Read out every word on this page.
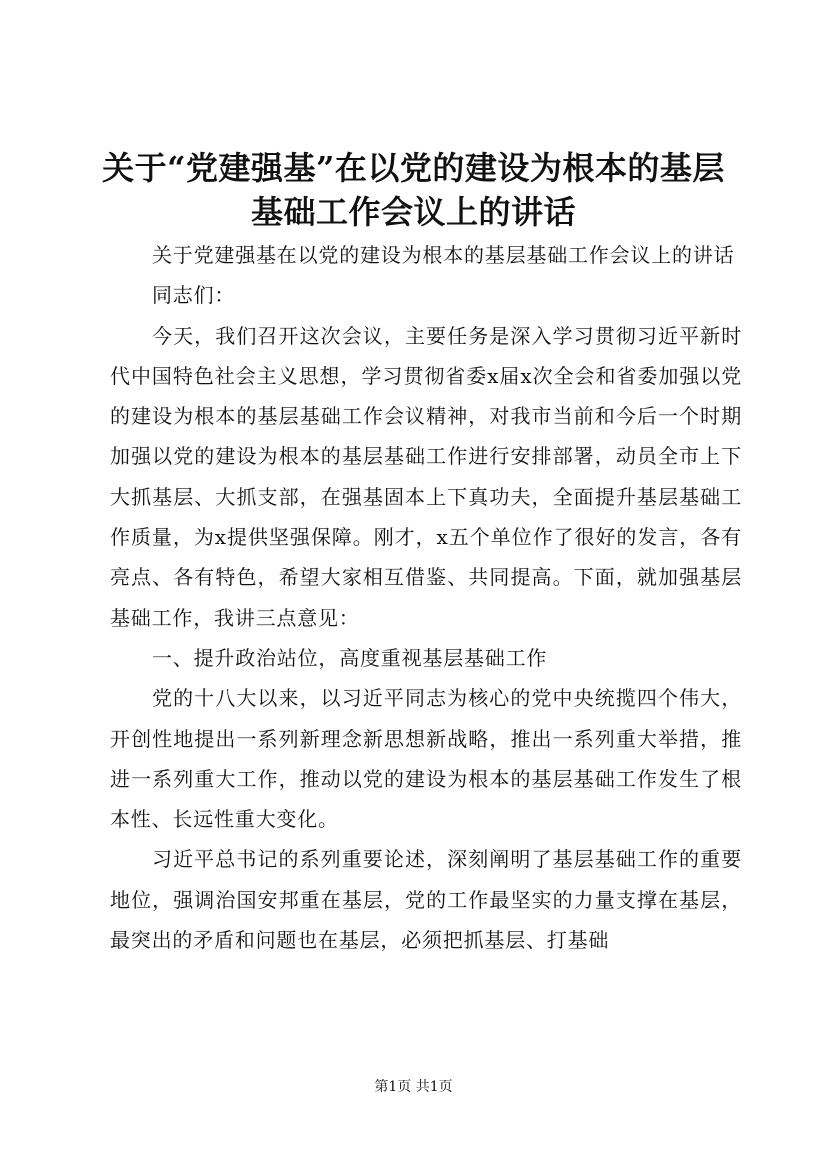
关于“党建强基”在以党的建设为根本的基层基础工作会议上的讲话

关于党建强基在以党的建设为根本的基层基础工作会议上的讲话

同志们：

今天，我们召开这次会议，主要任务是深入学习贯彻习近平新时代中国特色社会主义思想，学习贯彻省委x届x次全会和省委加强以党的建设为根本的基层基础工作会议精神，对我市当前和今后一个时期加强以党的建设为根本的基层基础工作进行安排部署，动员全市上下大抓基层、大抓支部，在强基固本上下真功夫，全面提升基层基础工作质量，为x提供坚强保障。刚才，x五个单位作了很好的发言，各有亮点、各有特色，希望大家相互借鉴、共同提高。下面，就加强基层基础工作，我讲三点意见：

一、提升政治站位，高度重视基层基础工作

党的十八大以来，以习近平同志为核心的党中央统揽四个伟大，开创性地提出一系列新理念新思想新战略，推出一系列重大举措，推进一系列重大工作，推动以党的建设为根本的基层基础工作发生了根本性、长远性重大变化。

习近平总书记的系列重要论述，深刻阐明了基层基础工作的重要地位，强调治国安邦重在基层，党的工作最坚实的力量支撑在基层，最突出的矛盾和问题也在基层，必须把抓基层、打基础

第1页 共1页
